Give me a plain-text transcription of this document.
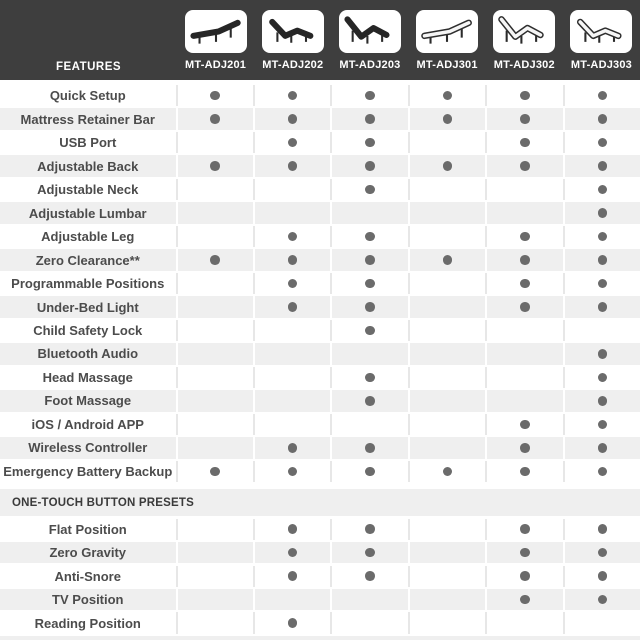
FEATURES	MT-ADJ201 MT-ADJ202 MT-ADJ203 MT-ADJ301 MT-ADJ302 MT-ADJ303
Quick Setup
Mattress Retainer Bar
USB Port
Adjustable Back
Adjustable Neck
Adjustable Lumbar
Adjustable Leg
Zero Clearance**
Programmable Positions
Under-Bed Light
Child Safety Lock
Bluetooth Audio
Head Massage
Foot Massage
iOS / Android APP
Wireless Controller
Emergency Battery Backup
ONE-TOUCH BUTTON PRESETS
Flat Position
Zero Gravity
Anti-Snore
TV Position
Reading Position
